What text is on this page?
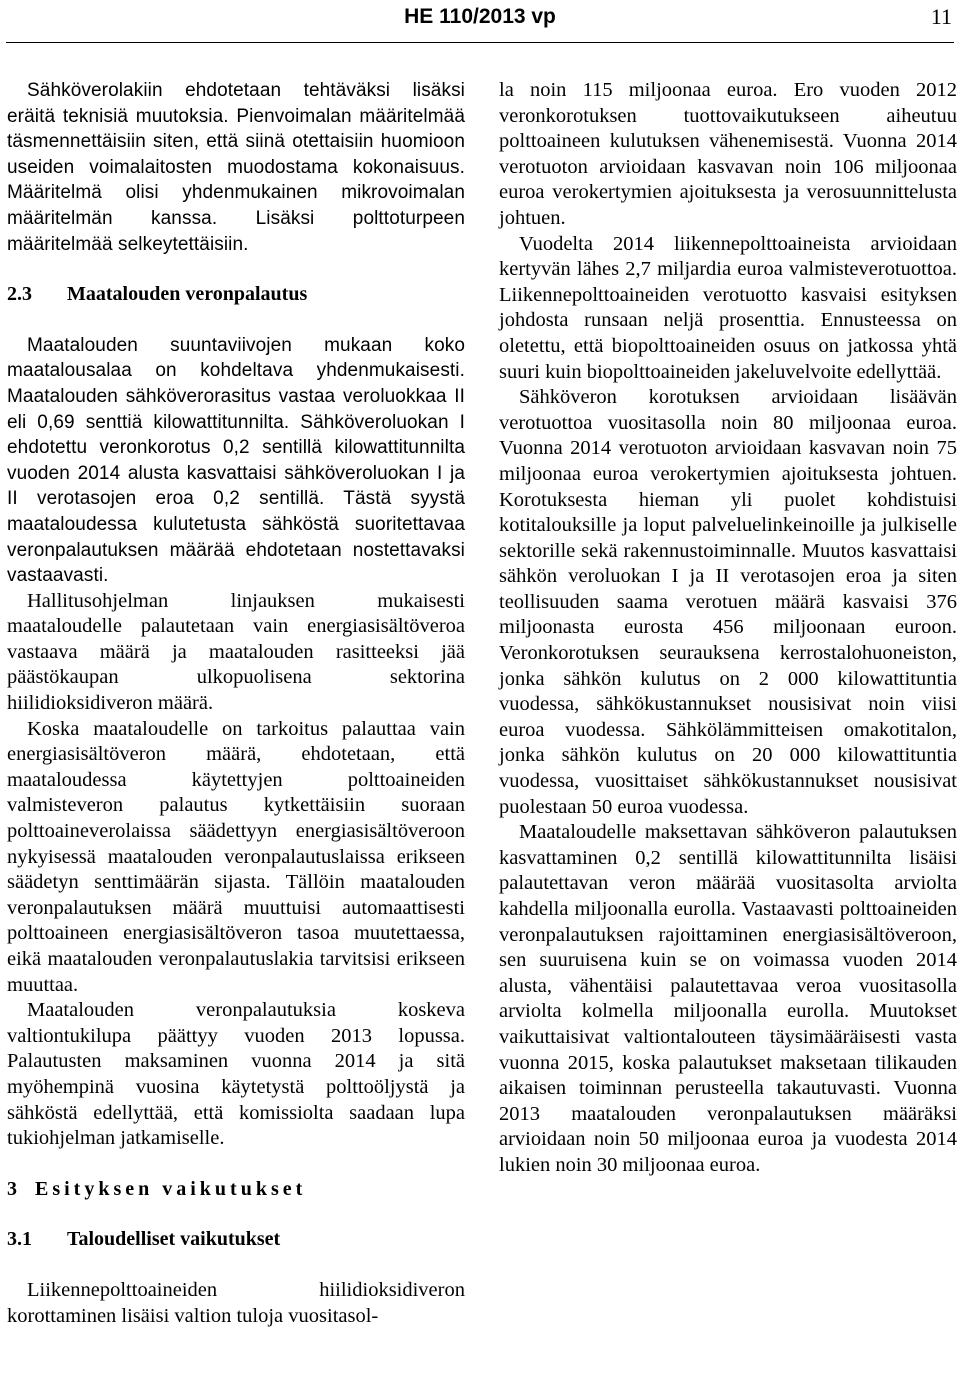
HE 110/2013 vp	11

Sähköverolakiin ehdotetaan tehtäväksi lisäksi eräitä teknisiä muutoksia. Pienvoimalan määritelmää täsmennettäisiin siten, että siinä otettaisiin huomioon useiden voimalaitosten muodostama kokonaisuus. Määritelmä olisi yhdenmukainen mikrovoimalan määritelmän kanssa. Lisäksi polttoturpeen määritelmää selkeytettäisiin.

2.3 Maatalouden veronpalautus

Maatalouden suuntaviivojen mukaan koko maatalousalaa on kohdeltava yhdenmukaisesti. Maatalouden sähköverorasitus vastaa veroluokkaa II eli 0,69 senttiä kilowattitunnilta. Sähköveroluokan I ehdotettu veronkorotus 0,2 sentillä kilowattitunnilta vuoden 2014 alusta kasvattaisi sähköveroluokan I ja II verotasojen eroa 0,2 sentillä. Tästä syystä maataloudessa kulutetusta sähköstä suoritettavaa veronpalautuksen määrää ehdotetaan nostettavaksi vastaavasti.

Hallitusohjelman linjauksen mukaisesti maataloudelle palautetaan vain energiasisältöveroa vastaava määrä ja maatalouden rasitteeksi jää päästökaupan ulkopuolisena sektorina hiilidioksidiveron määrä.

Koska maataloudelle on tarkoitus palauttaa vain energiasisältöveron määrä, ehdotetaan, että maataloudessa käytettyjen polttoaineiden valmisteveron palautus kytkettäisiin suoraan polttoaineverolaissa säädettyyn energiasisältöveroon nykyisessä maatalouden veronpalautuslaissa erikseen säädetyn senttimäärän sijasta. Tällöin maatalouden veronpalautuksen määrä muuttuisi automaattisesti polttoaineen energiasisältöveron tasoa muutettaessa, eikä maatalouden veronpalautuslakia tarvitsisi erikseen muuttaa.

Maatalouden veronpalautuksia koskeva valtiontukilupa päättyy vuoden 2013 lopussa. Palautusten maksaminen vuonna 2014 ja sitä myöhempinä vuosina käytetystä polttoöljystä ja sähköstä edellyttää, että komissiolta saadaan lupa tukiohjelman jatkamiselle.

3 Esityksen vaikutukset
3.1 Taloudelliset vaikutukset

Liikennepolttoaineiden hiilidioksidiveron korottaminen lisäisi valtion tuloja vuositasol-

la noin 115 miljoonaa euroa. Ero vuoden 2012 veronkorotuksen tuottovaikutukseen aiheutuu polttoaineen kulutuksen vähenemisestä. Vuonna 2014 verotuoton arvioidaan kasvavan noin 106 miljoonaa euroa verokertymien ajoituksesta ja verosuunnittelusta johtuen.

Vuodelta 2014 liikennepolttoaineista arvioidaan kertyvän lähes 2,7 miljardia euroa valmisteverotuottoa. Liikennepolttoaineiden verotuotto kasvaisi esityksen johdosta runsaan neljä prosenttia. Ennusteessa on oletettu, että biopolttoaineiden osuus on jatkossa yhtä suuri kuin biopolttoaineiden jakeluvelvoite edellyttää.

Sähköveron korotuksen arvioidaan lisäävän verotuottoa vuositasolla noin 80 miljoonaa euroa. Vuonna 2014 verotuoton arvioidaan kasvavan noin 75 miljoonaa euroa verokertymien ajoituksesta johtuen. Korotuksesta hieman yli puolet kohdistuisi kotitalouksille ja loput palveluelinkeinoille ja julkiselle sektorille sekä rakennustoiminnalle. Muutos kasvattaisi sähkön veroluokan I ja II verotasojen eroa ja siten teollisuuden saama verotuen määrä kasvaisi 376 miljoonasta eurosta 456 miljoonaan euroon. Veronkorotuksen seurauksena kerrostalohuoneiston, jonka sähkön kulutus on 2 000 kilowattituntia vuodessa, sähkökustannukset nousisivat noin viisi euroa vuodessa. Sähkölämmitteisen omakotitalon, jonka sähkön kulutus on 20 000 kilowattituntia vuodessa, vuosittaiset sähkökustannukset nousisivat puolestaan 50 euroa vuodessa.

Maataloudelle maksettavan sähköveron palautuksen kasvattaminen 0,2 sentillä kilowattitunnilta lisäisi palautettavan veron määrää vuositasolta arviolta kahdella miljoonalla eurolla. Vastaavasti polttoaineiden veronpalautuksen rajoittaminen energiasisältöveroon, sen suuruisena kuin se on voimassa vuoden 2014 alusta, vähentäisi palautettavaa veroa vuositasolla arviolta kolmella miljoonalla eurolla. Muutokset vaikuttaisivat valtiontalouteen täysimääräisesti vasta vuonna 2015, koska palautukset maksetaan tilikauden aikaisen toiminnan perusteella takautuvasti. Vuonna 2013 maatalouden veronpalautuksen määräksi arvioidaan noin 50 miljoonaa euroa ja vuodesta 2014 lukien noin 30 miljoonaa euroa.
